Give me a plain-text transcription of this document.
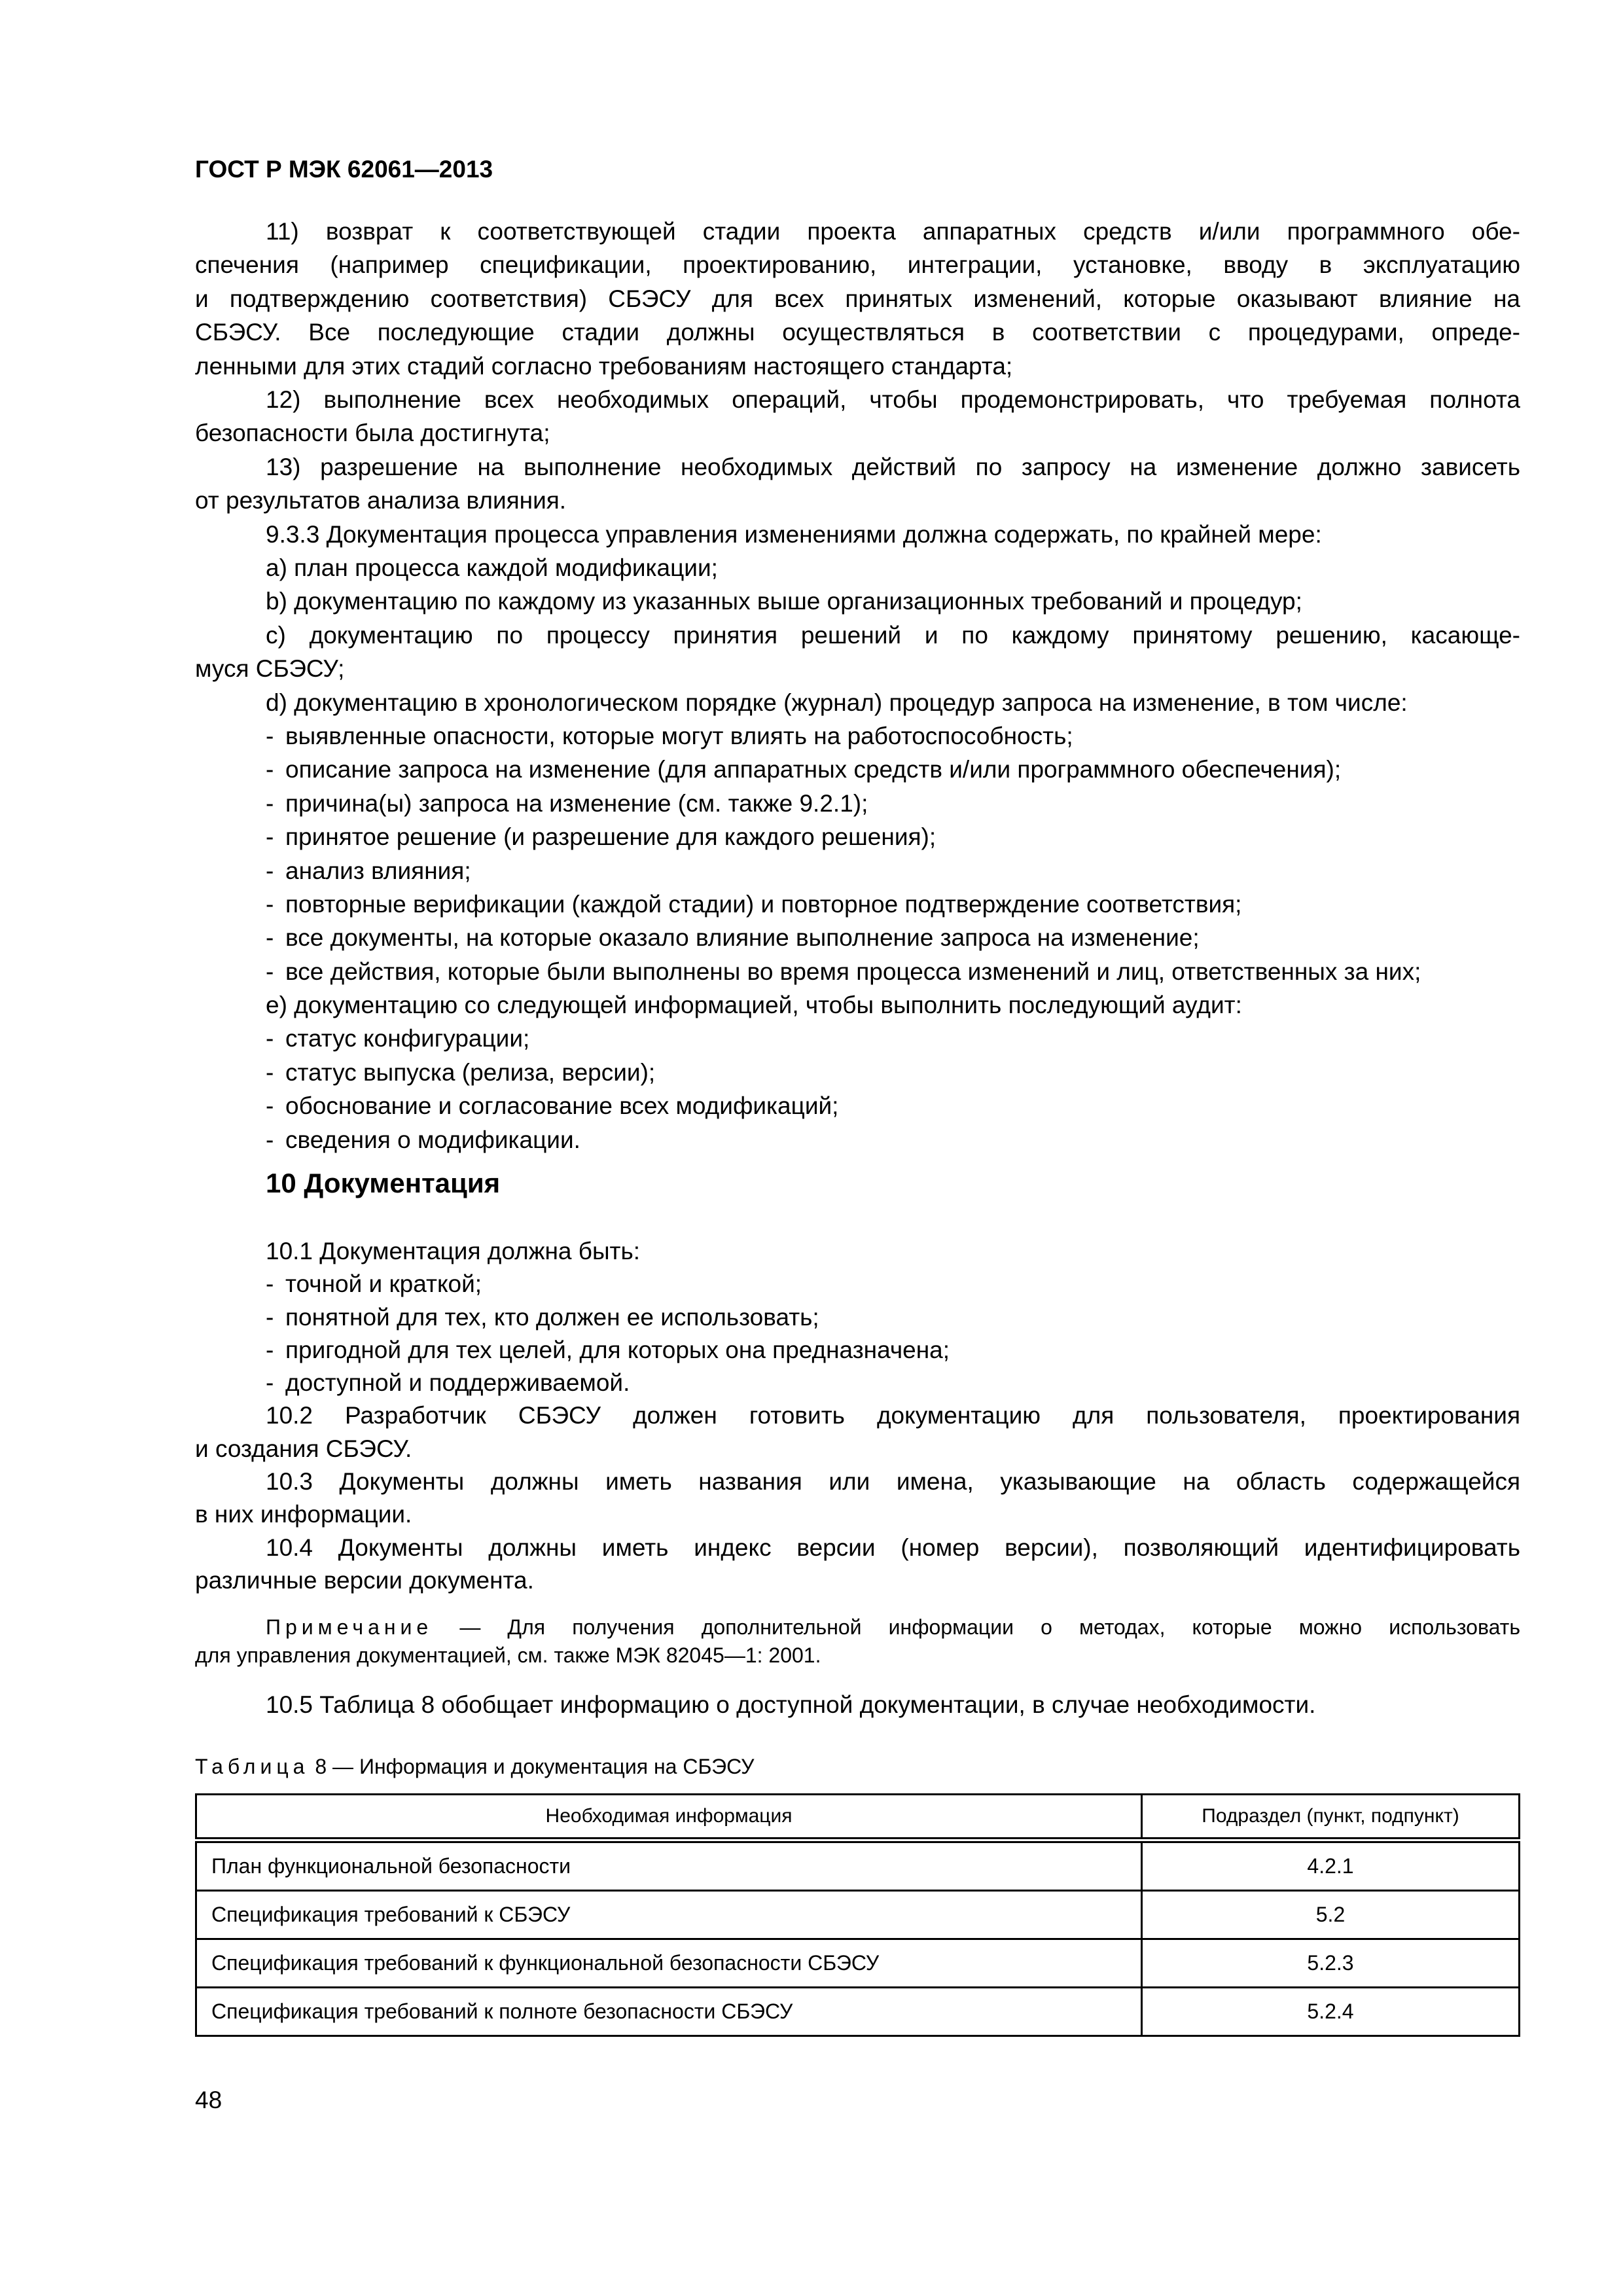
ГОСТ Р МЭК 62061—2013
11) возврат к соответствующей стадии проекта аппаратных средств и/или программного обе-
спечения (например спецификации, проектированию, интеграции, установке, вводу в эксплуатацию
и подтверждению соответствия) СБЭСУ для всех принятых изменений, которые оказывают влияние на
СБЭСУ. Все последующие стадии должны осуществляться в соответствии с процедурами, опреде-
ленными для этих стадий согласно требованиям настоящего стандарта;
12) выполнение всех необходимых операций, чтобы продемонстрировать, что требуемая полнота
безопасности была достигнута;
13) разрешение на выполнение необходимых действий по запросу на изменение должно зависеть
от результатов анализа влияния.
9.3.3 Документация процесса управления изменениями должна содержать, по крайней мере:
a) план процесса каждой модификации;
b) документацию по каждому из указанных выше организационных требований и процедур;
c) документацию по процессу принятия решений и по каждому принятому решению, касающе-
муся СБЭСУ;
d) документацию в хронологическом порядке (журнал) процедур запроса на изменение, в том числе:
- выявленные опасности, которые могут влиять на работоспособность;
- описание запроса на изменение (для аппаратных средств и/или программного обеспечения);
- причина(ы) запроса на изменение (см. также 9.2.1);
- принятое решение (и разрешение для каждого решения);
- анализ влияния;
- повторные верификации (каждой стадии) и повторное подтверждение соответствия;
- все документы, на которые оказало влияние выполнение запроса на изменение;
- все действия, которые были выполнены во время процесса изменений и лиц, ответственных за них;
e) документацию со следующей информацией, чтобы выполнить последующий аудит:
- статус конфигурации;
- статус выпуска (релиза, версии);
- обоснование и согласование всех модификаций;
- сведения о модификации.
10 Документация
10.1 Документация должна быть:
- точной и краткой;
- понятной для тех, кто должен ее использовать;
- пригодной для тех целей, для которых она предназначена;
- доступной и поддерживаемой.
10.2 Разработчик СБЭСУ должен готовить документацию для пользователя, проектирования
и создания СБЭСУ.
10.3 Документы должны иметь названия или имена, указывающие на область содержащейся
в них информации.
10.4 Документы должны иметь индекс версии (номер версии), позволяющий идентифицировать
различные версии документа.
Примечание — Для получения дополнительной информации о методах, которые можно использовать
для управления документацией, см. также МЭК 82045—1: 2001.
10.5 Таблица 8 обобщает информацию о доступной документации, в случае необходимости.
Таблица 8 — Информация и документация на СБЭСУ
Необходимая информация	Подраздел (пункт, подпункт)
План функциональной безопасности	4.2.1
Спецификация требований к СБЭСУ	5.2
Спецификация требований к функциональной безопасности СБЭСУ	5.2.3
Спецификация требований к полноте безопасности СБЭСУ	5.2.4
48
